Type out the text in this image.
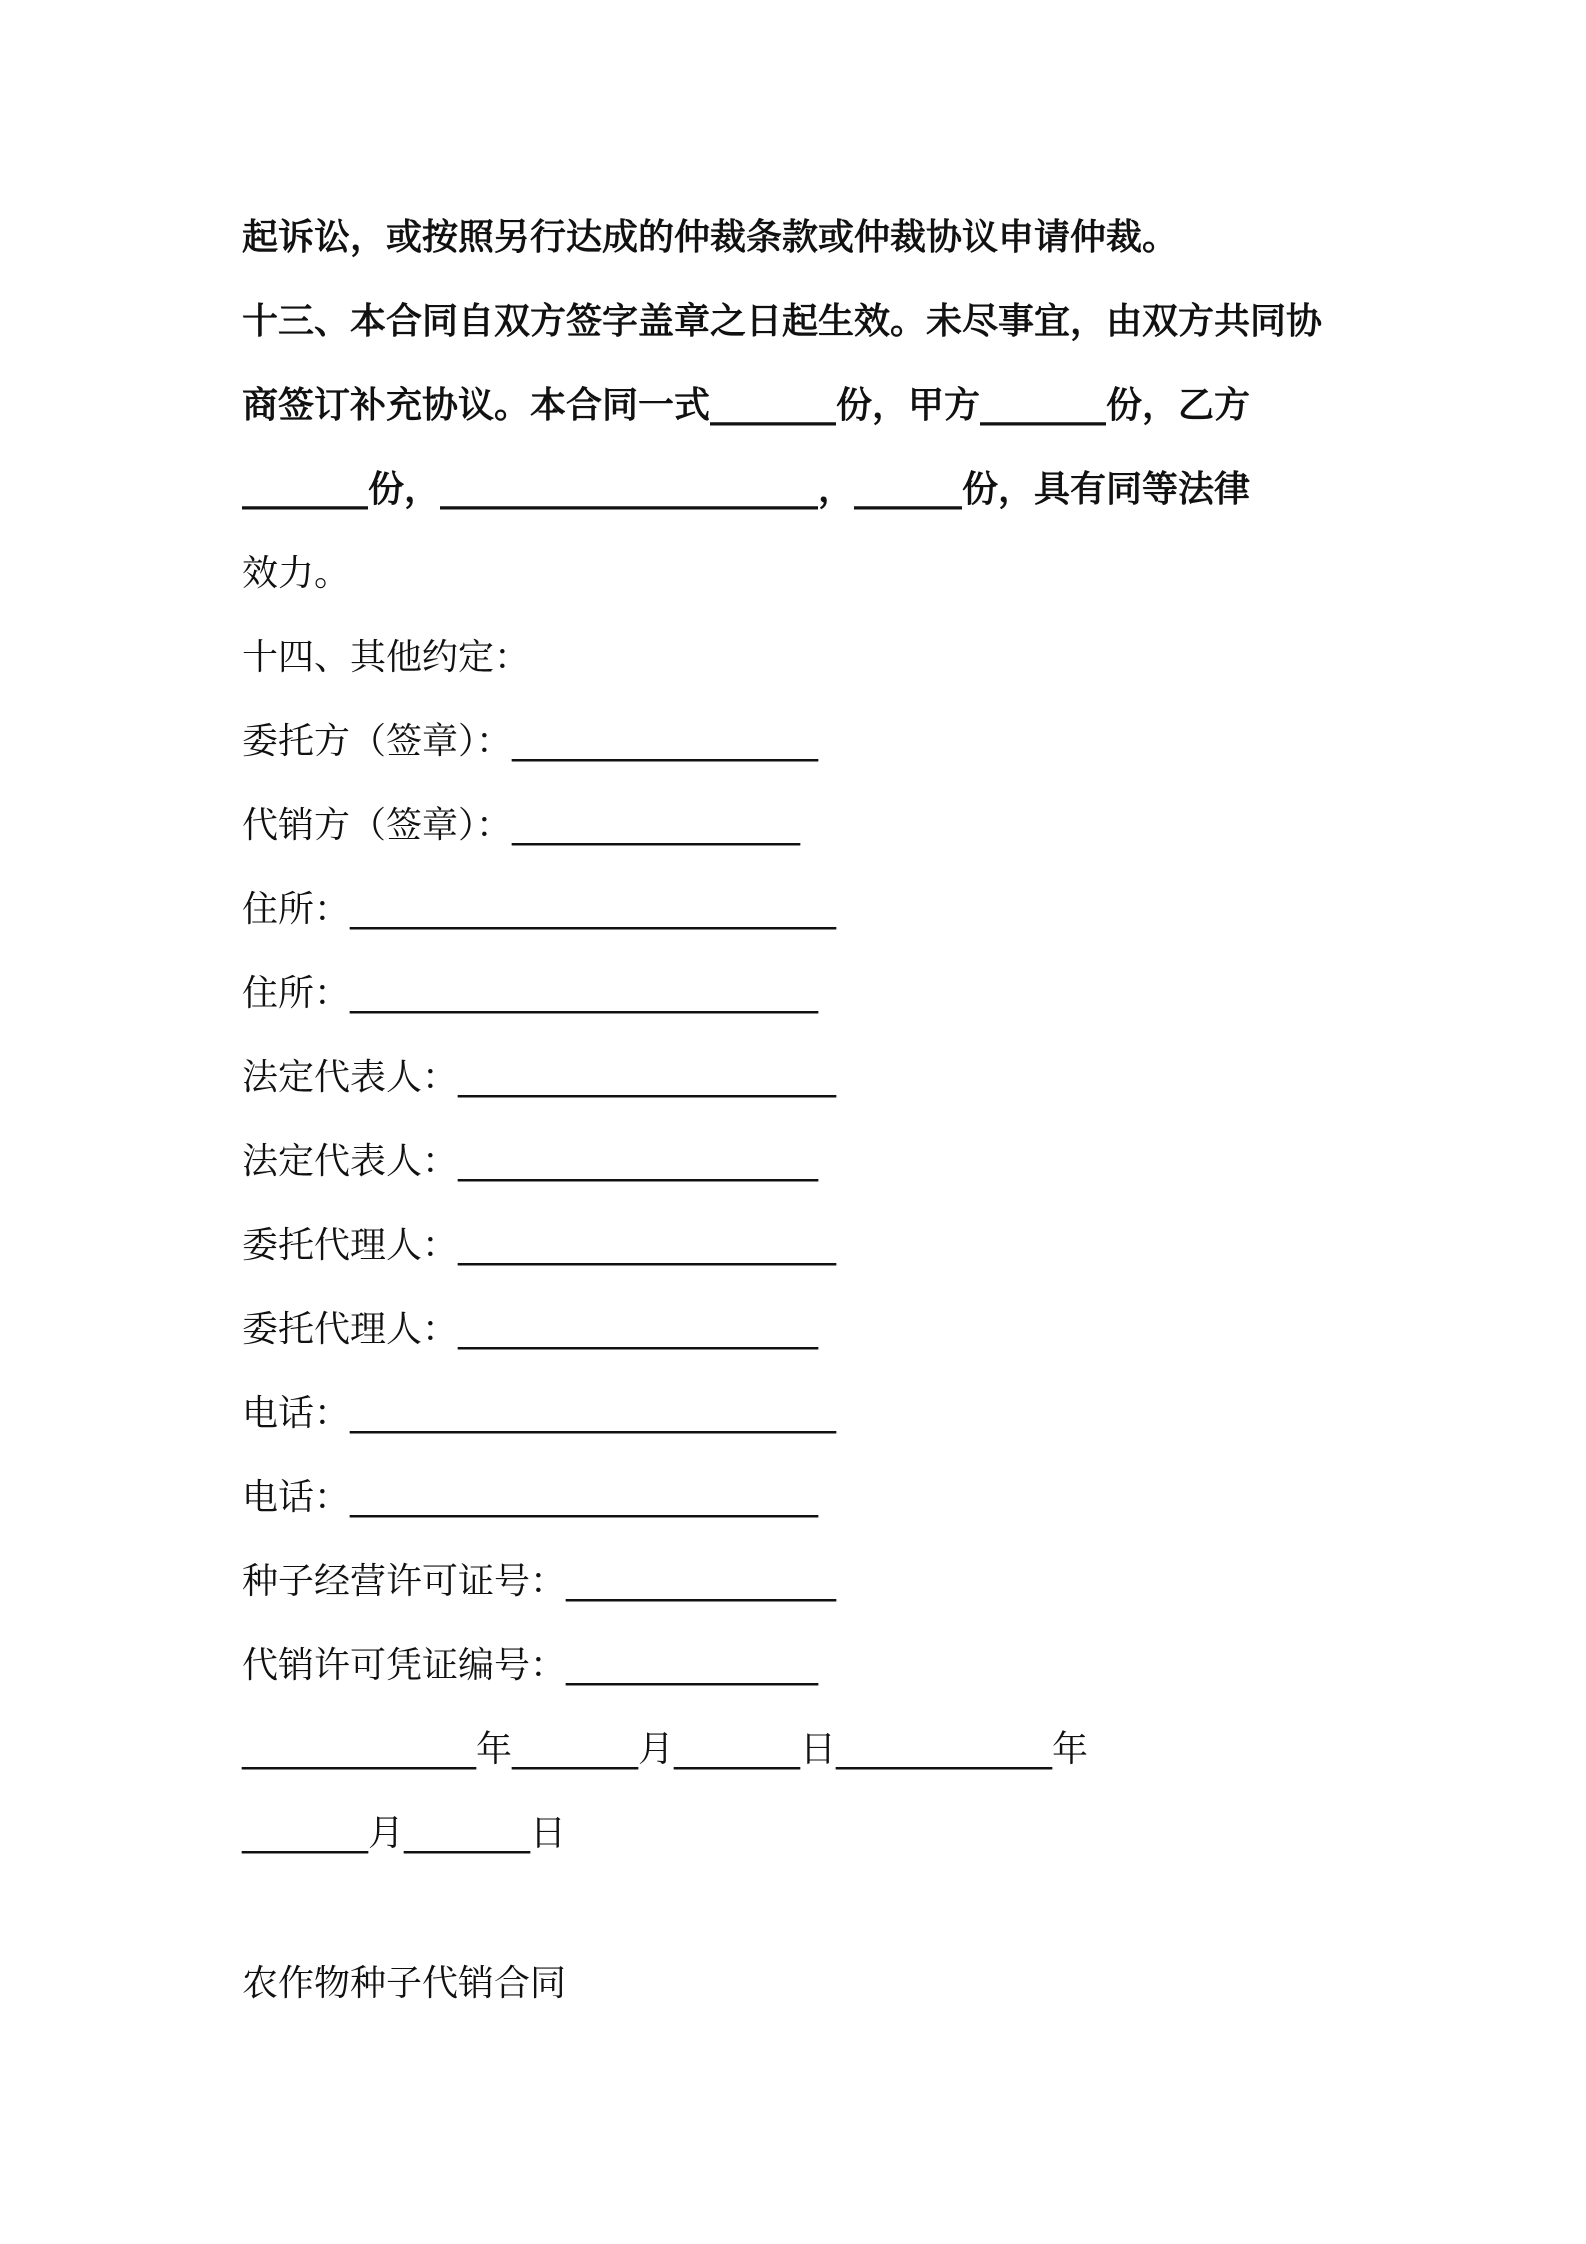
起诉讼，或按照另行达成的仲裁条款或仲裁协议申请仲裁。
十三、本合同自双方签字盖章之日起生效。未尽事宜，由双方共同协
商签订补充协议。本合同一式_______份，甲方_______份，乙方
_______份，_____________________，______份，具有同等法律
效力。
十四、其他约定：
委托方（签章）：_________________
代销方（签章）：________________
住所：___________________________
住所：__________________________
法定代表人：_____________________
法定代表人：____________________
委托代理人：_____________________
委托代理人：____________________
电话：___________________________
电话：__________________________
种子经营许可证号：_______________
代销许可凭证编号：______________
_____________年_______月_______日____________年
_______月_______日
农作物种子代销合同
